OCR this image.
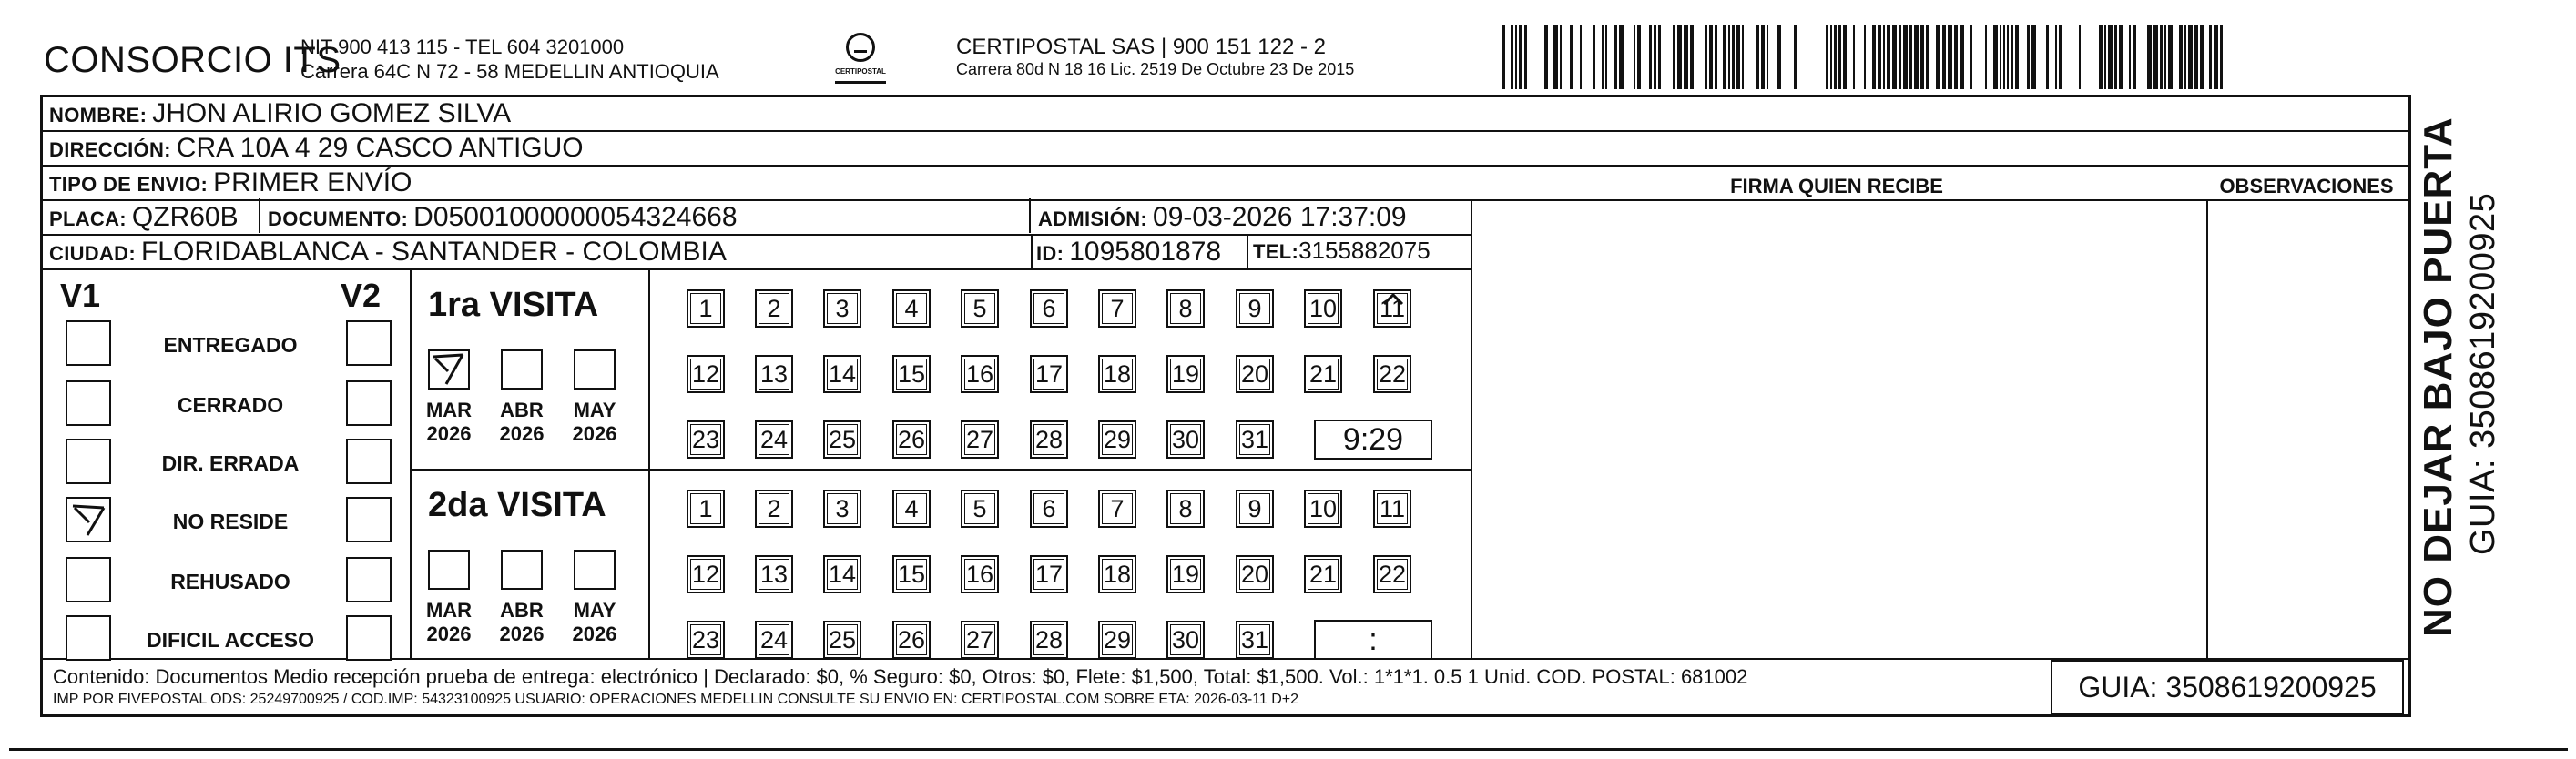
CONSORCIO ITS
NIT 900 413 115 - TEL 604 3201000
Carrera 64C N 72 - 58 MEDELLIN ANTIOQUIA	CERTIPOSTAL
CERTIPOSTAL SAS | 900 151 122 - 2
Carrera 80d N 18 16 Lic. 2519 De Octubre 23 De 2015
NOMBRE: JHON ALIRIO GOMEZ SILVA
DIRECCIÓN: CRA 10A 4 29 CASCO ANTIGUO
TIPO DE ENVIO: PRIMER ENVÍO
PLACA: QZR60B DOCUMENTO: D05001000000054324668	ADMISIÓN: 09-03-2026 17:37:09
CIUDAD: FLORIDABLANCA - SANTANDER - COLOMBIA	ID: 1095801878 TEL: 3155882075
FIRMA QUIEN RECIBE	OBSERVACIONES
V1	V2
ENTREGADO
CERRADO
DIR. ERRADA
NO RESIDE
REHUSADO
DIFICIL ACCESO
1ra VISITA
MAR
2026
ABR
2026
MAY
2026
1 2 3 4 5 6 7 8 9 10 11
12 13 14 15 16 17 18 19 20 21 22
23 24 25 26 27 28 29 30 31	9:29
2da VISITA
MAR
2026
ABR
2026
MAY
2026
1 2 3 4 5 6 7 8 9 10 11
12 13 14 15 16 17 18 19 20 21 22
23 24 25 26 27 28 29 30 31	:
Contenido: Documentos Medio recepción prueba de entrega: electrónico | Declarado: $0, % Seguro: $0, Otros: $0, Flete: $1,500, Total: $1,500. Vol.: 1*1*1. 0.5 1 Unid. COD. POSTAL: 681002
IMP POR FIVEPOSTAL ODS: 25249700925 / COD.IMP: 54323100925 USUARIO: OPERACIONES MEDELLIN CONSULTE SU ENVIO EN: CERTIPOSTAL.COM SOBRE ETA: 2026-03-11 D+2	GUIA: 3508619200925
NO DEJAR BAJO PUERTA GUIA: 3508619200925
